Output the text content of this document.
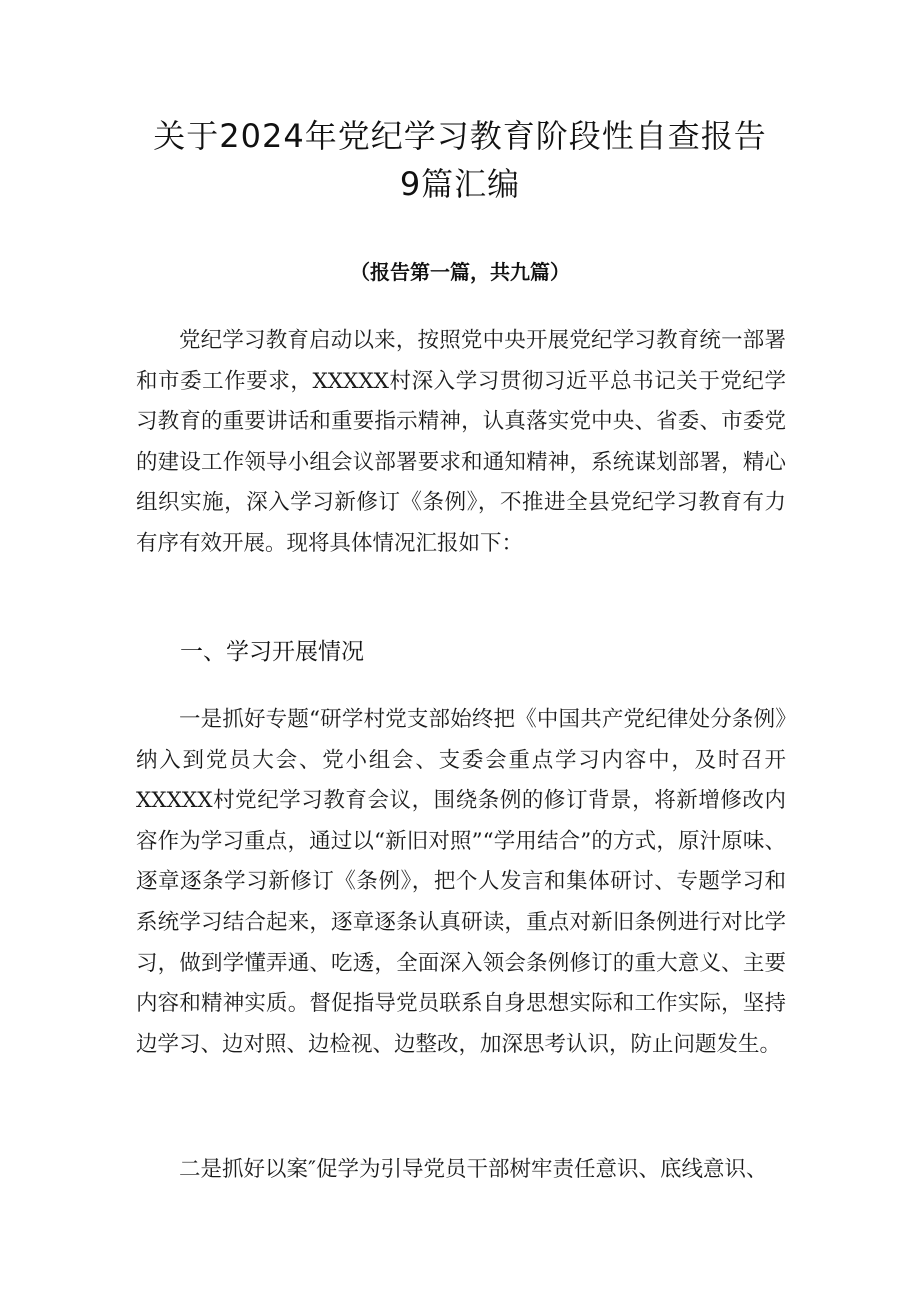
关于2024年党纪学习教育阶段性自查报告
9篇汇编
（报告第一篇，共九篇）

党纪学习教育启动以来，按照党中央开展党纪学习教育统一部署和市委工作要求，XXXXX村深入学习贯彻习近平总书记关于党纪学习教育的重要讲话和重要指示精神，认真落实党中央、省委、市委党的建设工作领导小组会议部署要求和通知精神，系统谋划部署，精心组织实施，深入学习新修订《条例》，不推进全县党纪学习教育有力有序有效开展。现将具体情况汇报如下：

一、学习开展情况

一是抓好专题“研学村党支部始终把《中国共产党纪律处分条例》纳入到党员大会、党小组会、支委会重点学习内容中，及时召开XXXXX村党纪学习教育会议，围绕条例的修订背景，将新增修改内容作为学习重点，通过以“新旧对照”“学用结合”的方式，原汁原味、逐章逐条学习新修订《条例》，把个人发言和集体研讨、专题学习和系统学习结合起来，逐章逐条认真研读，重点对新旧条例进行对比学习，做到学懂弄通、吃透，全面深入领会条例修订的重大意义、主要内容和精神实质。督促指导党员联系自身思想实际和工作实际，坚持边学习、边对照、边检视、边整改，加深思考认识，防止问题发生。

二是抓好以案″促学为引导党员干部树牢责任意识、底线意识、
